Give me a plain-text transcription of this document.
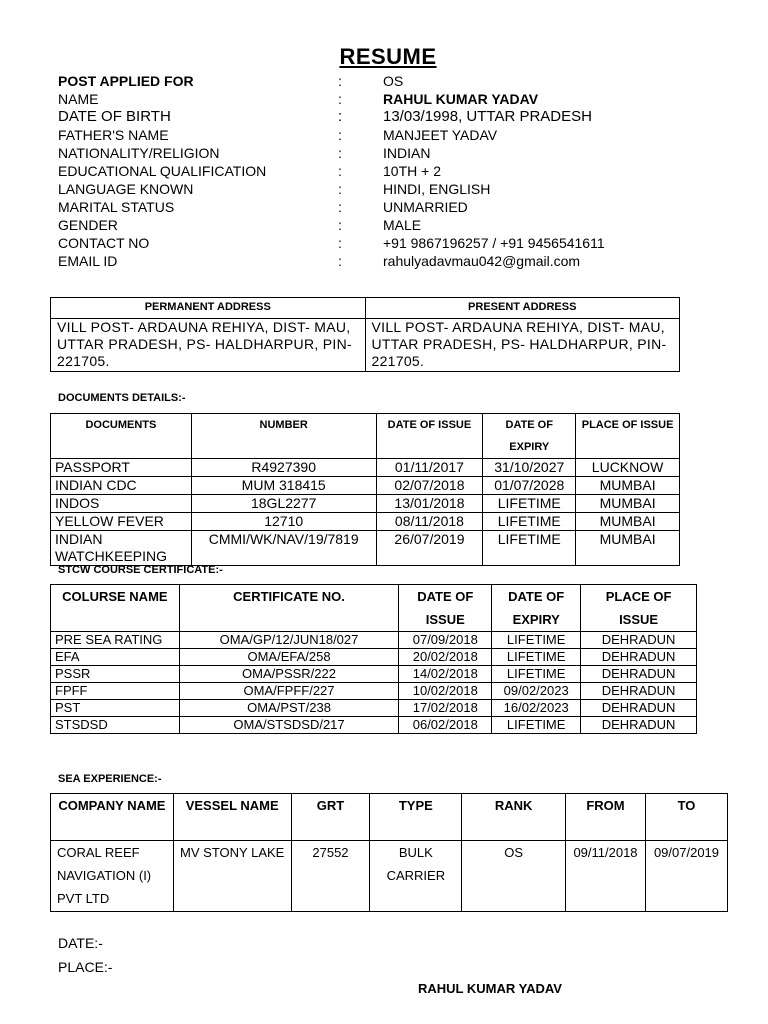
RESUME
POST APPLIED FOR	:	OS
NAME	:	RAHUL KUMAR YADAV
DATE OF BIRTH	:	13/03/1998, UTTAR PRADESH
FATHER'S NAME	:	MANJEET YADAV
NATIONALITY/RELIGION	:	INDIAN
EDUCATIONAL QUALIFICATION	:	10TH + 2
LANGUAGE KNOWN	:	HINDI, ENGLISH
MARITAL STATUS	:	UNMARRIED
GENDER	:	MALE
CONTACT NO	:	+91 9867196257 / +91 9456541611
EMAIL ID	:	rahulyadavmau042@gmail.com
PERMANENT ADDRESS	PRESENT ADDRESS
VILL POST- ARDAUNA REHIYA, DIST- MAU, UTTAR PRADESH, PS- HALDHARPUR, PIN- 221705.	VILL POST- ARDAUNA REHIYA, DIST- MAU, UTTAR PRADESH, PS- HALDHARPUR, PIN- 221705.
DOCUMENTS DETAILS:-
DOCUMENTS	NUMBER	DATE OF ISSUE	DATE OF EXPIRY	PLACE OF ISSUE
PASSPORT	R4927390	01/11/2017	31/10/2027	LUCKNOW
INDIAN CDC	MUM 318415	02/07/2018	01/07/2028	MUMBAI
INDOS	18GL2277	13/01/2018	LIFETIME	MUMBAI
YELLOW FEVER	12710	08/11/2018	LIFETIME	MUMBAI
INDIAN WATCHKEEPING	CMMI/WK/NAV/19/7819	26/07/2019	LIFETIME	MUMBAI
STCW COURSE CERTIFICATE:-
COLURSE NAME	CERTIFICATE NO.	DATE OF ISSUE	DATE OF EXPIRY	PLACE OF ISSUE
PRE SEA RATING	OMA/GP/12/JUN18/027	07/09/2018	LIFETIME	DEHRADUN
EFA	OMA/EFA/258	20/02/2018	LIFETIME	DEHRADUN
PSSR	OMA/PSSR/222	14/02/2018	LIFETIME	DEHRADUN
FPFF	OMA/FPFF/227	10/02/2018	09/02/2023	DEHRADUN
PST	OMA/PST/238	17/02/2018	16/02/2023	DEHRADUN
STSDSD	OMA/STSDSD/217	06/02/2018	LIFETIME	DEHRADUN
SEA EXPERIENCE:-
COMPANY NAME	VESSEL NAME	GRT	TYPE	RANK	FROM	TO
CORAL REEF NAVIGATION (I) PVT LTD	MV STONY LAKE	27552	BULK CARRIER	OS	09/11/2018	09/07/2019
DATE:-
PLACE:-
RAHUL KUMAR YADAV
